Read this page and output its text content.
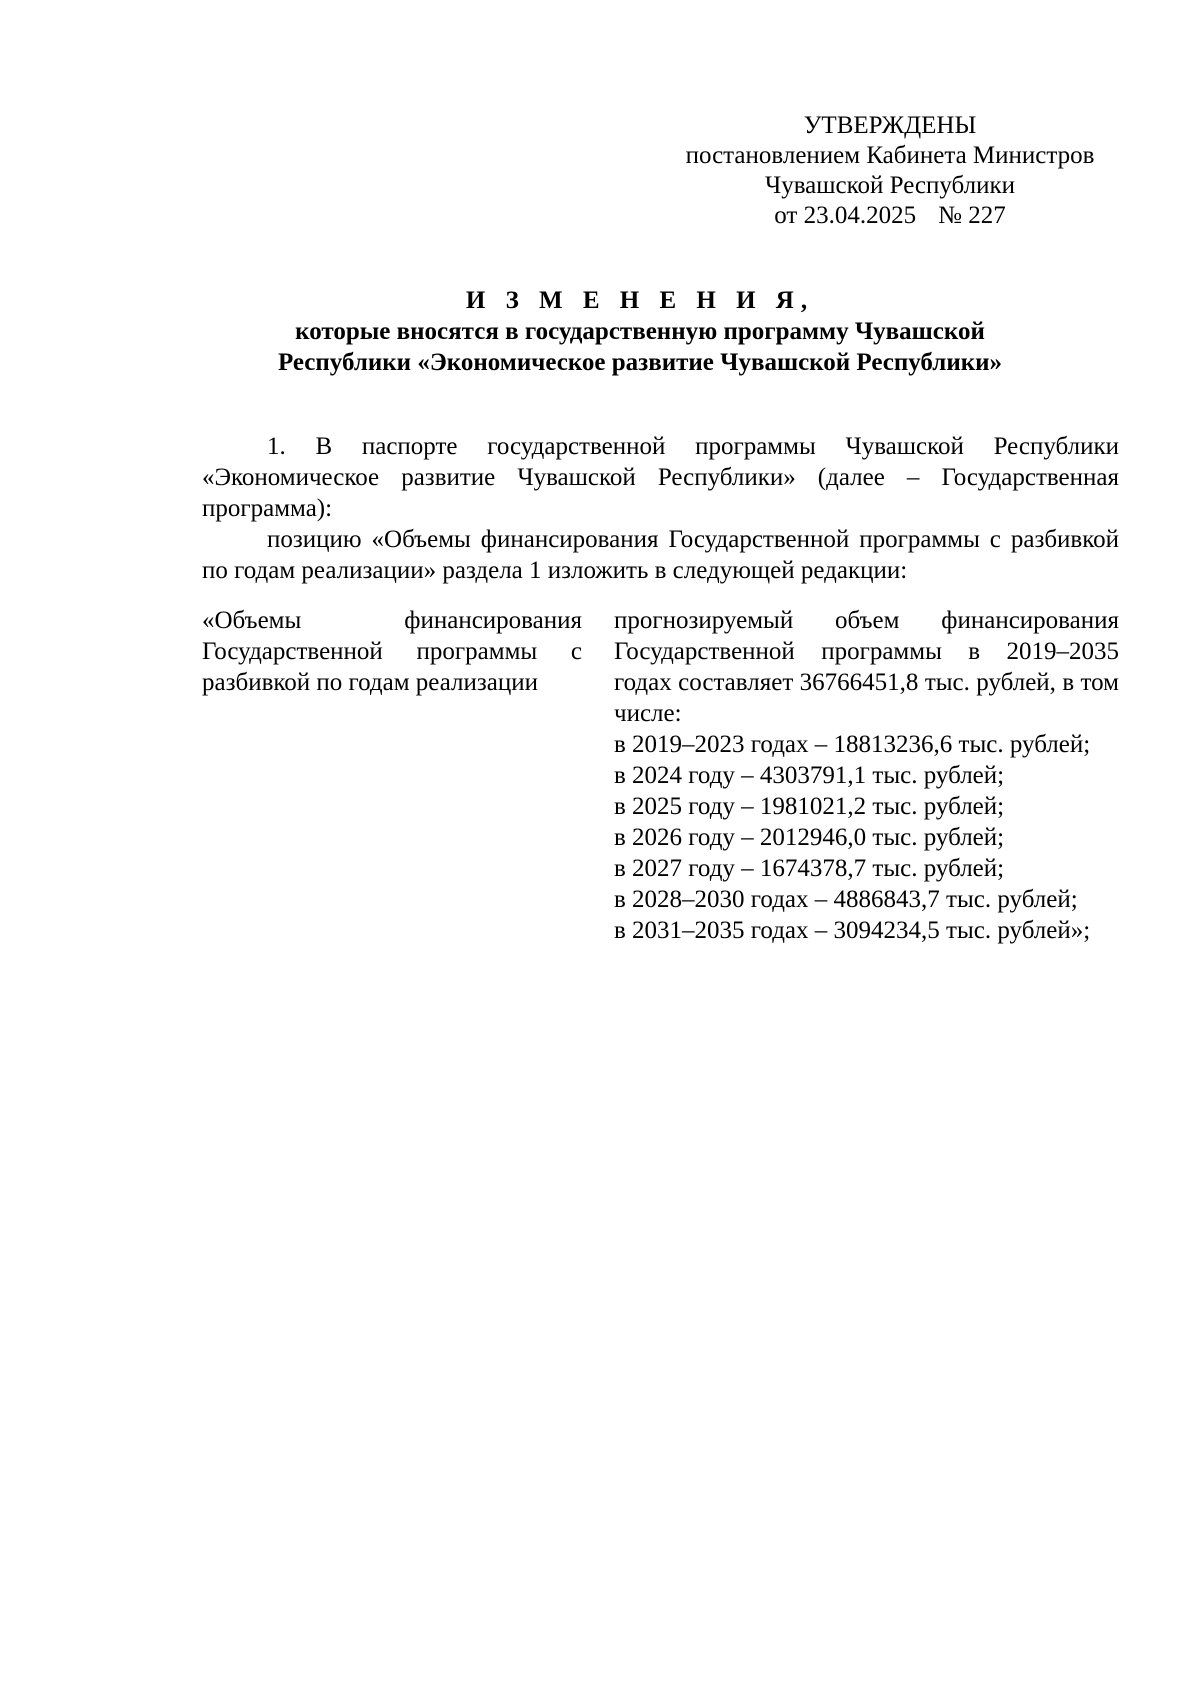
УТВЕРЖДЕНЫ
постановлением Кабинета Министров
Чувашской Республики
от 23.04.2025 № 227
И З М Е Н Е Н И Я,
которые вносятся в государственную программу Чувашской
Республики «Экономическое развитие Чувашской Республики»

1. В паспорте государственной программы Чувашской Республики «Экономическое развитие Чувашской Республики» (далее – Государственная программа):

позицию «Объемы финансирования Государственной программы с разбивкой по годам реализации» раздела 1 изложить в следующей редакции:

«Объемы финансирования Государственной программы с разбивкой по годам реализации
прогнозируемый объем финансирования Государственной программы в 2019–2035 годах составляет 36766451,8 тыс. рублей, в том числе:
в 2019–2023 годах – 18813236,6 тыс. рублей;
в 2024 году – 4303791,1 тыс. рублей;
в 2025 году – 1981021,2 тыс. рублей;
в 2026 году – 2012946,0 тыс. рублей;
в 2027 году – 1674378,7 тыс. рублей;
в 2028–2030 годах – 4886843,7 тыс. рублей;
в 2031–2035 годах – 3094234,5 тыс. рублей»;
